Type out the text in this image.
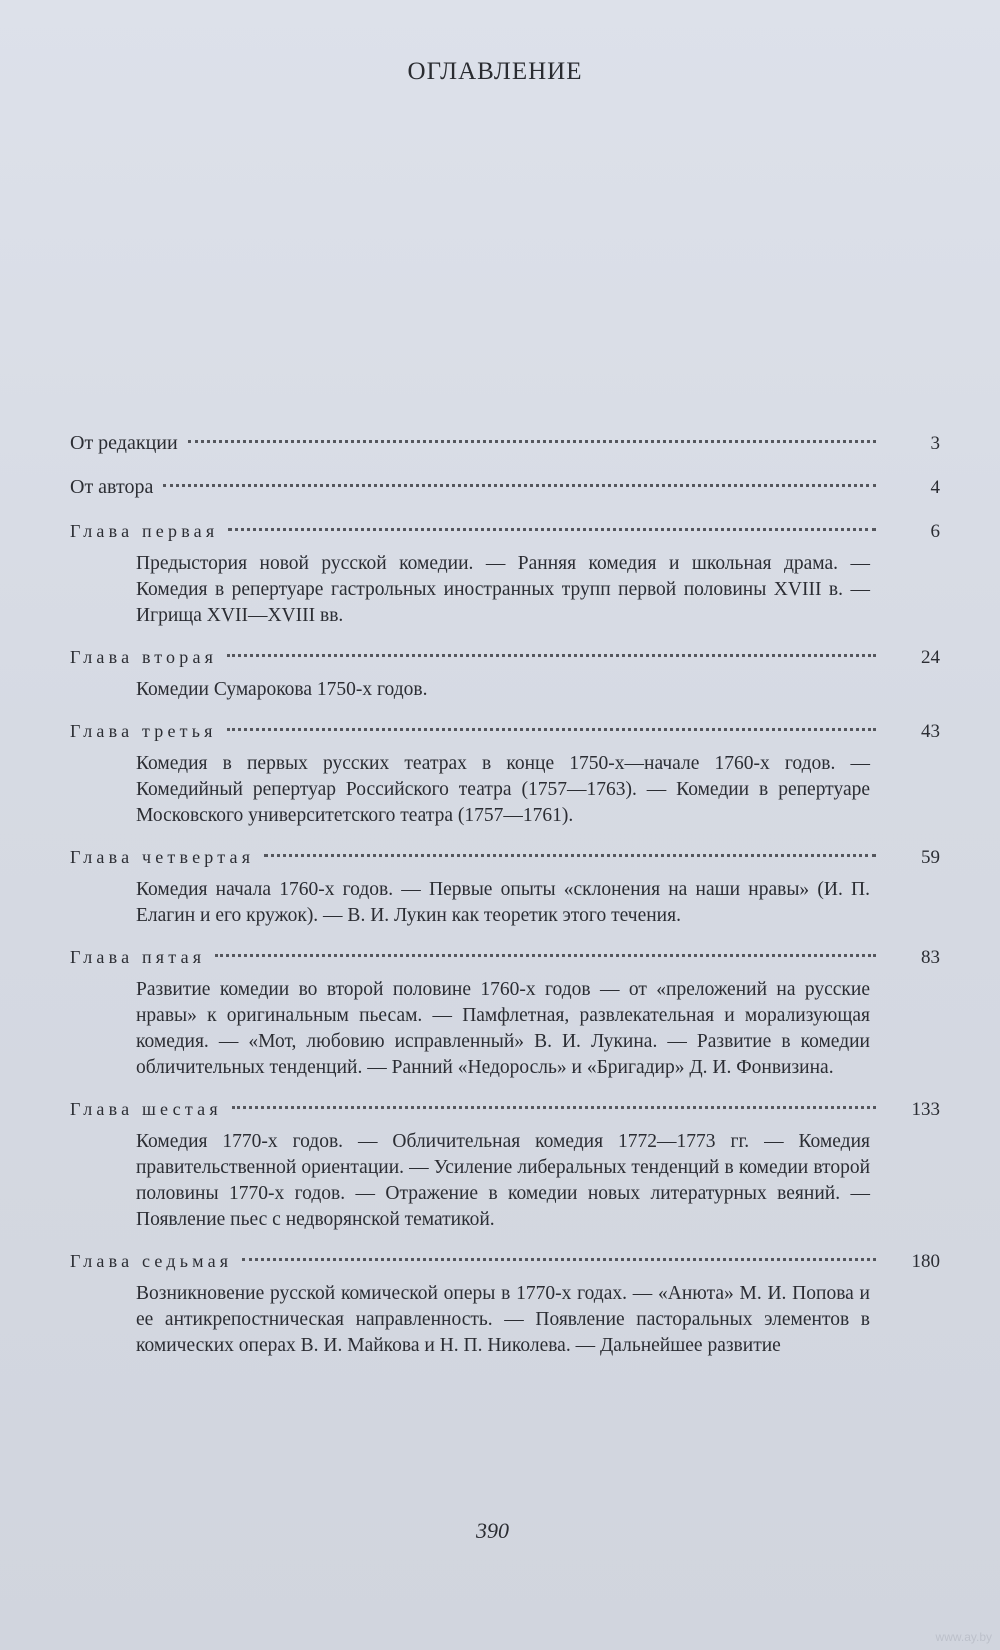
ОГЛАВЛЕНИЕ
От редакции	3
От автора	4
Глава первая	6
Предыстория новой русской комедии. — Ранняя комедия и школьная драма. — Комедия в репертуаре гастрольных иностранных трупп первой половины XVIII в. — Игрища XVII—XVIII вв.
Глава вторая	24
Комедии Сумарокова 1750-х годов.
Глава третья	43
Комедия в первых русских театрах в конце 1750-х—начале 1760-х годов. — Комедийный репертуар Российского театра (1757—1763). — Комедии в репертуаре Московского университетского театра (1757—1761).
Глава четвертая	59
Комедия начала 1760-х годов. — Первые опыты «склонения на наши нравы» (И. П. Елагин и его кружок). — В. И. Лукин как теоретик этого течения.
Глава пятая	83
Развитие комедии во второй половине 1760-х годов — от «преложений на русские нравы» к оригинальным пьесам. — Памфлетная, развлекательная и морализующая комедия. — «Мот, любовию исправленный» В. И. Лукина. — Развитие в комедии обличительных тенденций. — Ранний «Недоросль» и «Бригадир» Д. И. Фонвизина.
Глава шестая	133
Комедия 1770-х годов. — Обличительная комедия 1772—1773 гг. — Комедия правительственной ориентации. — Усиление либеральных тенденций в комедии второй половины 1770-х годов. — Отражение в комедии новых литературных веяний. — Появление пьес с недворянской тематикой.
Глава седьмая	180
Возникновение русской комической оперы в 1770-х годах. — «Анюта» М. И. Попова и ее антикрепостническая направленность. — Появление пасторальных элементов в комических операх В. И. Майкова и Н. П. Николева. — Дальнейшее развитие
390
www.ay.by
